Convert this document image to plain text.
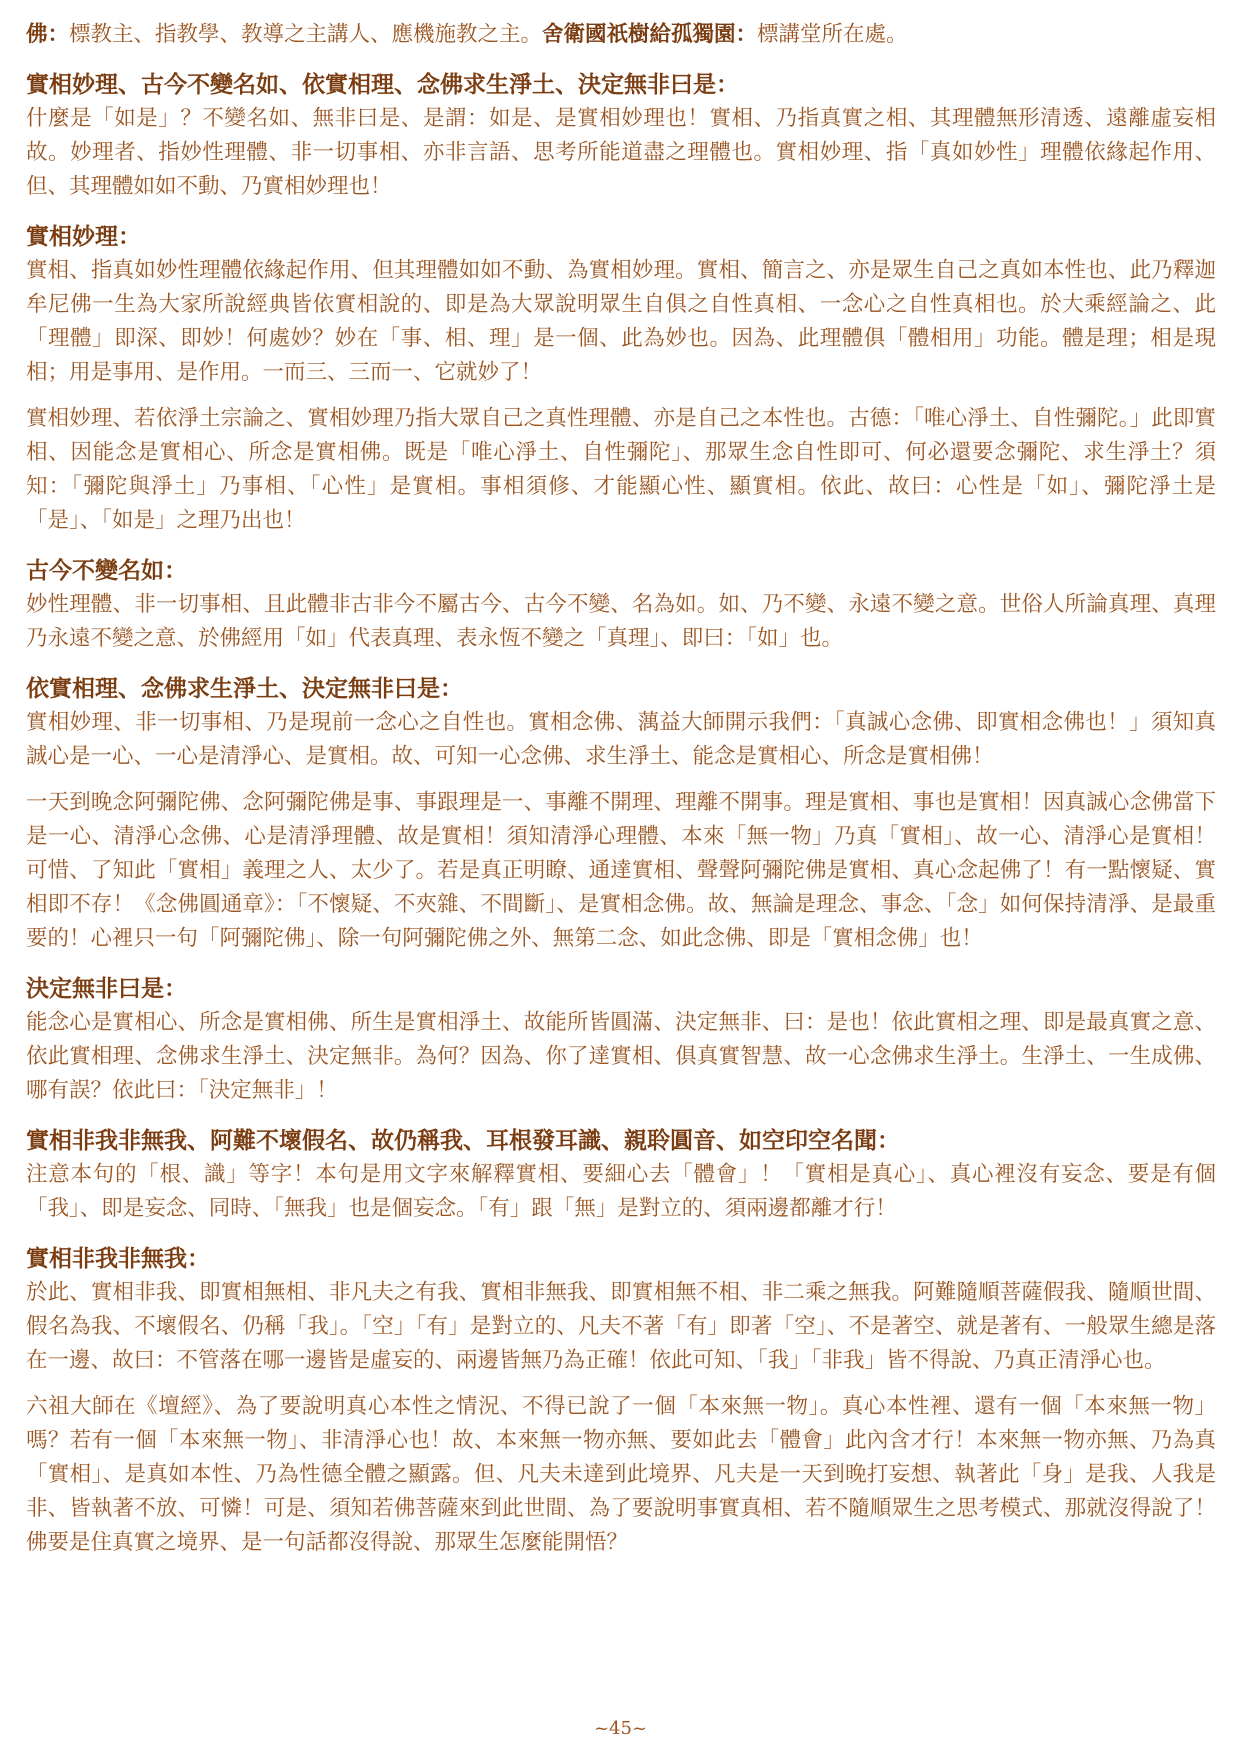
佛：標教主、指教學、教導之主講人、應機施教之主。舍衛國祇樹給孤獨園：標講堂所在處。

實相妙理、古今不變名如、依實相理、念佛求生淨土、決定無非曰是：

什麼是「如是」？不變名如、無非曰是、是謂：如是、是實相妙理也！實相、乃指真實之相、其理體無形清透、遠離虛妄相故。妙理者、指妙性理體、非一切事相、亦非言語、思考所能道盡之理體也。實相妙理、指「真如妙性」理體依緣起作用、但、其理體如如不動、乃實相妙理也！

實相妙理：

實相、指真如妙性理體依緣起作用、但其理體如如不動、為實相妙理。實相、簡言之、亦是眾生自己之真如本性也、此乃釋迦牟尼佛一生為大家所說經典皆依實相說的、即是為大眾說明眾生自俱之自性真相、一念心之自性真相也。於大乘經論之、此「理體」即深、即妙！何處妙？妙在「事、相、理」是一個、此為妙也。因為、此理體俱「體相用」功能。體是理；相是現相；用是事用、是作用。一而三、三而一、它就妙了！

實相妙理、若依淨土宗論之、實相妙理乃指大眾自己之真性理體、亦是自己之本性也。古德：「唯心淨土、自性彌陀。」此即實相、因能念是實相心、所念是實相佛。既是「唯心淨土、自性彌陀」、那眾生念自性即可、何必還要念彌陀、求生淨土？須知：「彌陀與淨土」乃事相、「心性」是實相。事相須修、才能顯心性、顯實相。依此、故曰：心性是「如」、彌陀淨土是「是」、「如是」之理乃出也！

古今不變名如：

妙性理體、非一切事相、且此體非古非今不屬古今、古今不變、名為如。如、乃不變、永遠不變之意。世俗人所論真理、真理乃永遠不變之意、於佛經用「如」代表真理、表永恆不變之「真理」、即曰：「如」也。

依實相理、念佛求生淨土、決定無非曰是：

實相妙理、非一切事相、乃是現前一念心之自性也。實相念佛、蕅益大師開示我們：「真誠心念佛、即實相念佛也！」須知真誠心是一心、一心是清淨心、是實相。故、可知一心念佛、求生淨土、能念是實相心、所念是實相佛！

一天到晚念阿彌陀佛、念阿彌陀佛是事、事跟理是一、事離不開理、理離不開事。理是實相、事也是實相！因真誠心念佛當下是一心、清淨心念佛、心是清淨理體、故是實相！須知清淨心理體、本來「無一物」乃真「實相」、故一心、清淨心是實相！可惜、了知此「實相」義理之人、太少了。若是真正明瞭、通達實相、聲聲阿彌陀佛是實相、真心念起佛了！有一點懷疑、實相即不存！《念佛圓通章》：「不懷疑、不夾雜、不間斷」、是實相念佛。故、無論是理念、事念、「念」如何保持清淨、是最重要的！心裡只一句「阿彌陀佛」、除一句阿彌陀佛之外、無第二念、如此念佛、即是「實相念佛」也！

決定無非曰是：

能念心是實相心、所念是實相佛、所生是實相淨土、故能所皆圓滿、決定無非、曰：是也！依此實相之理、即是最真實之意、依此實相理、念佛求生淨土、決定無非。為何？因為、你了達實相、俱真實智慧、故一心念佛求生淨土。生淨土、一生成佛、哪有誤？依此曰：「決定無非」！

實相非我非無我、阿難不壞假名、故仍稱我、耳根發耳識、親聆圓音、如空印空名聞：

注意本句的「根、識」等字！本句是用文字來解釋實相、要細心去「體會」！「實相是真心」、真心裡沒有妄念、要是有個「我」、即是妄念、同時、「無我」也是個妄念。「有」跟「無」是對立的、須兩邊都離才行！

實相非我非無我：

於此、實相非我、即實相無相、非凡夫之有我、實相非無我、即實相無不相、非二乘之無我。阿難隨順菩薩假我、隨順世間、假名為我、不壞假名、仍稱「我」。「空」「有」是對立的、凡夫不著「有」即著「空」、不是著空、就是著有、一般眾生總是落在一邊、故曰：不管落在哪一邊皆是虛妄的、兩邊皆無乃為正確！依此可知、「我」「非我」皆不得說、乃真正清淨心也。

六祖大師在《壇經》、為了要說明真心本性之情況、不得已說了一個「本來無一物」。真心本性裡、還有一個「本來無一物」嗎？若有一個「本來無一物」、非清淨心也！故、本來無一物亦無、要如此去「體會」此內含才行！本來無一物亦無、乃為真「實相」、是真如本性、乃為性德全體之顯露。但、凡夫未達到此境界、凡夫是一天到晚打妄想、執著此「身」是我、人我是非、皆執著不放、可憐！可是、須知若佛菩薩來到此世間、為了要說明事實真相、若不隨順眾生之思考模式、那就沒得說了！佛要是住真實之境界、是一句話都沒得說、那眾生怎麼能開悟？

~45~
